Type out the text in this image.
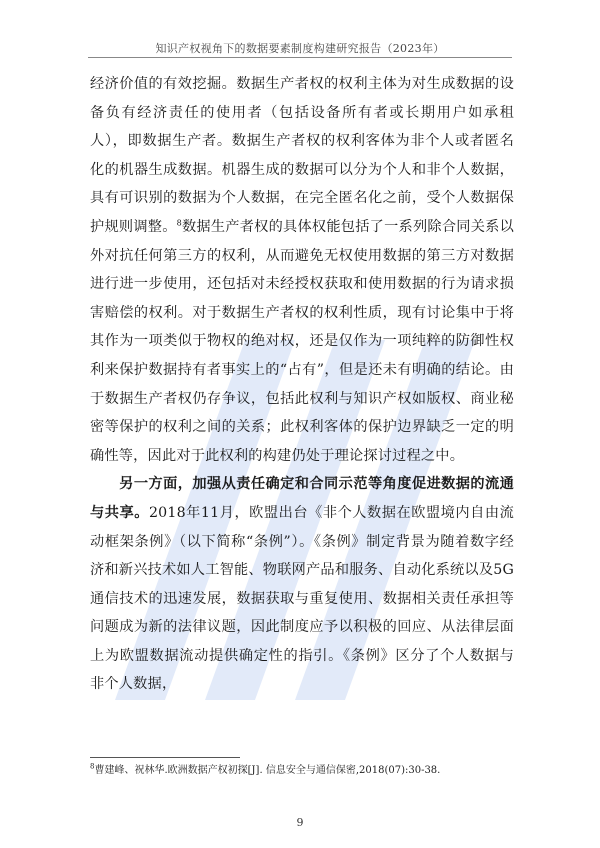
知识产权视角下的数据要素制度构建研究报告（2023年）

经济价值的有效挖掘。数据生产者权的权利主体为对生成数据的设备负有经济责任的使用者（包括设备所有者或长期用户如承租人），即数据生产者。数据生产者权的权利客体为非个人或者匿名化的机器生成数据。机器生成的数据可以分为个人和非个人数据，具有可识别的数据为个人数据，在完全匿名化之前，受个人数据保护规则调整。$^8$数据生产者权的具体权能包括了一系列除合同关系以外对抗任何第三方的权利，从而避免无权使用数据的第三方对数据进行进一步使用，还包括对未经授权获取和使用数据的行为请求损害赔偿的权利。对于数据生产者权的权利性质，现有讨论集中于将其作为一项类似于物权的绝对权，还是仅作为一项纯粹的防御性权利来保护数据持有者事实上的“占有”，但是还未有明确的结论。由于数据生产者权仍存争议，包括此权利与知识产权如版权、商业秘密等保护的权利之间的关系；此权利客体的保护边界缺乏一定的明确性等，因此对于此权利的构建仍处于理论探讨过程之中。

另一方面，加强从责任确定和合同示范等角度促进数据的流通与共享。2018年11月，欧盟出台《非个人数据在欧盟境内自由流动框架条例》（以下简称“条例”）。《条例》制定背景为随着数字经济和新兴技术如人工智能、物联网产品和服务、自动化系统以及5G通信技术的迅速发展，数据获取与重复使用、数据相关责任承担等问题成为新的法律议题，因此制度应予以积极的回应、从法律层面上为欧盟数据流动提供确定性的指引。《条例》区分了个人数据与非个人数据，

$^8$曹建峰、祝林华.欧洲数据产权初探[J]. 信息安全与通信保密,2018(07):30-38.
9
